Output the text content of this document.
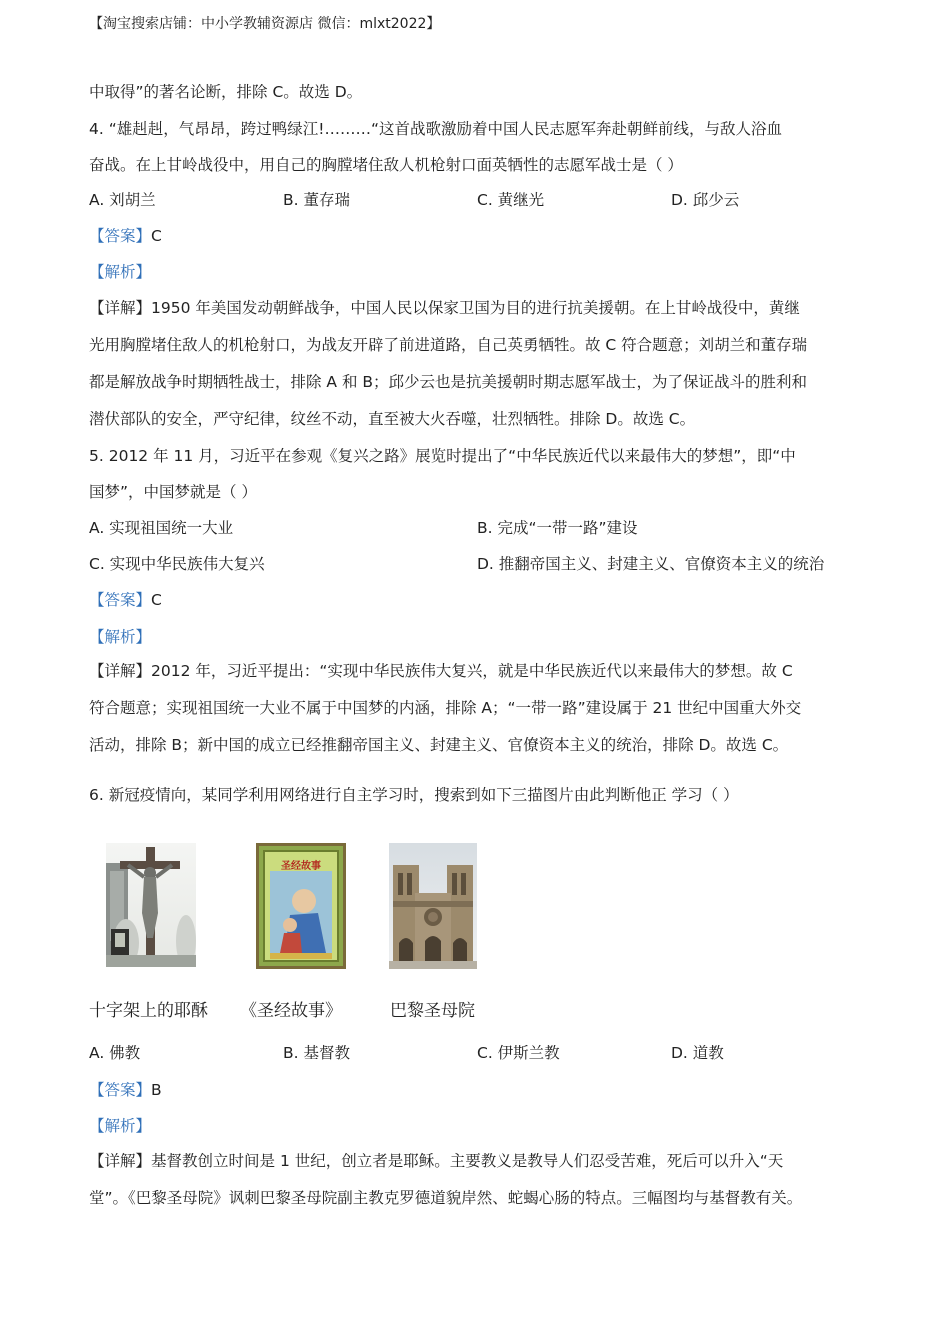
【淘宝搜索店铺：中小学教辅资源店 微信：mlxt2022】
中取得”的著名论断，排除 C。故选 D。
4. “雄赳赳，气昂昂，跨过鸭绿江!………“这首战歌激励着中国人民志愿军奔赴朝鲜前线，与敌人浴血
奋战。在上甘岭战役中，用自己的胸膛堵住敌人机枪射口面英牺性的志愿军战士是（ ）
A. 刘胡兰	B. 董存瑞	C. 黄继光	D. 邱少云
【答案】C
【解析】
【详解】1950 年美国发动朝鲜战争，中国人民以保家卫国为目的进行抗美援朝。在上甘岭战役中，黄继
光用胸膛堵住敌人的机枪射口，为战友开辟了前进道路，自己英勇牺牲。故 C 符合题意；刘胡兰和董存瑞
都是解放战争时期牺牲战士，排除 A 和 B；邱少云也是抗美援朝时期志愿军战士，为了保证战斗的胜利和
潜伏部队的安全，严守纪律，纹丝不动，直至被大火吞噬，壮烈牺牲。排除 D。故选 C。
5. 2012 年 11 月，习近平在参观《复兴之路》展览时提出了“中华民族近代以来最伟大的梦想”，即“中
国梦”，中国梦就是（ ）
A. 实现祖国统一大业	B. 完成“一带一路”建设
C. 实现中华民族伟大复兴	D. 推翻帝国主义、封建主义、官僚资本主义的统治
【答案】C
【解析】
【详解】2012 年，习近平提出：“实现中华民族伟大复兴，就是中华民族近代以来最伟大的梦想。故 C
符合题意；实现祖国统一大业不属于中国梦的内涵，排除 A；“一带一路”建设属于 21 世纪中国重大外交
活动，排除 B；新中国的成立已经推翻帝国主义、封建主义、官僚资本主义的统治，排除 D。故选 C。
6. 新冠疫情向，某同学利用网络进行自主学习时，搜索到如下三描图片由此判断他正 学习（ ）
圣经故事
十字架上的耶酥 《圣经故事》	巴黎圣母院
A. 佛教	B. 基督教	C. 伊斯兰教	D. 道教
【答案】B
【解析】
【详解】基督教创立时间是 1 世纪，创立者是耶稣。主要教义是教导人们忍受苦难，死后可以升入“天
堂”。《巴黎圣母院》讽刺巴黎圣母院副主教克罗德道貌岸然、蛇蝎心肠的特点。三幅图均与基督教有关。
